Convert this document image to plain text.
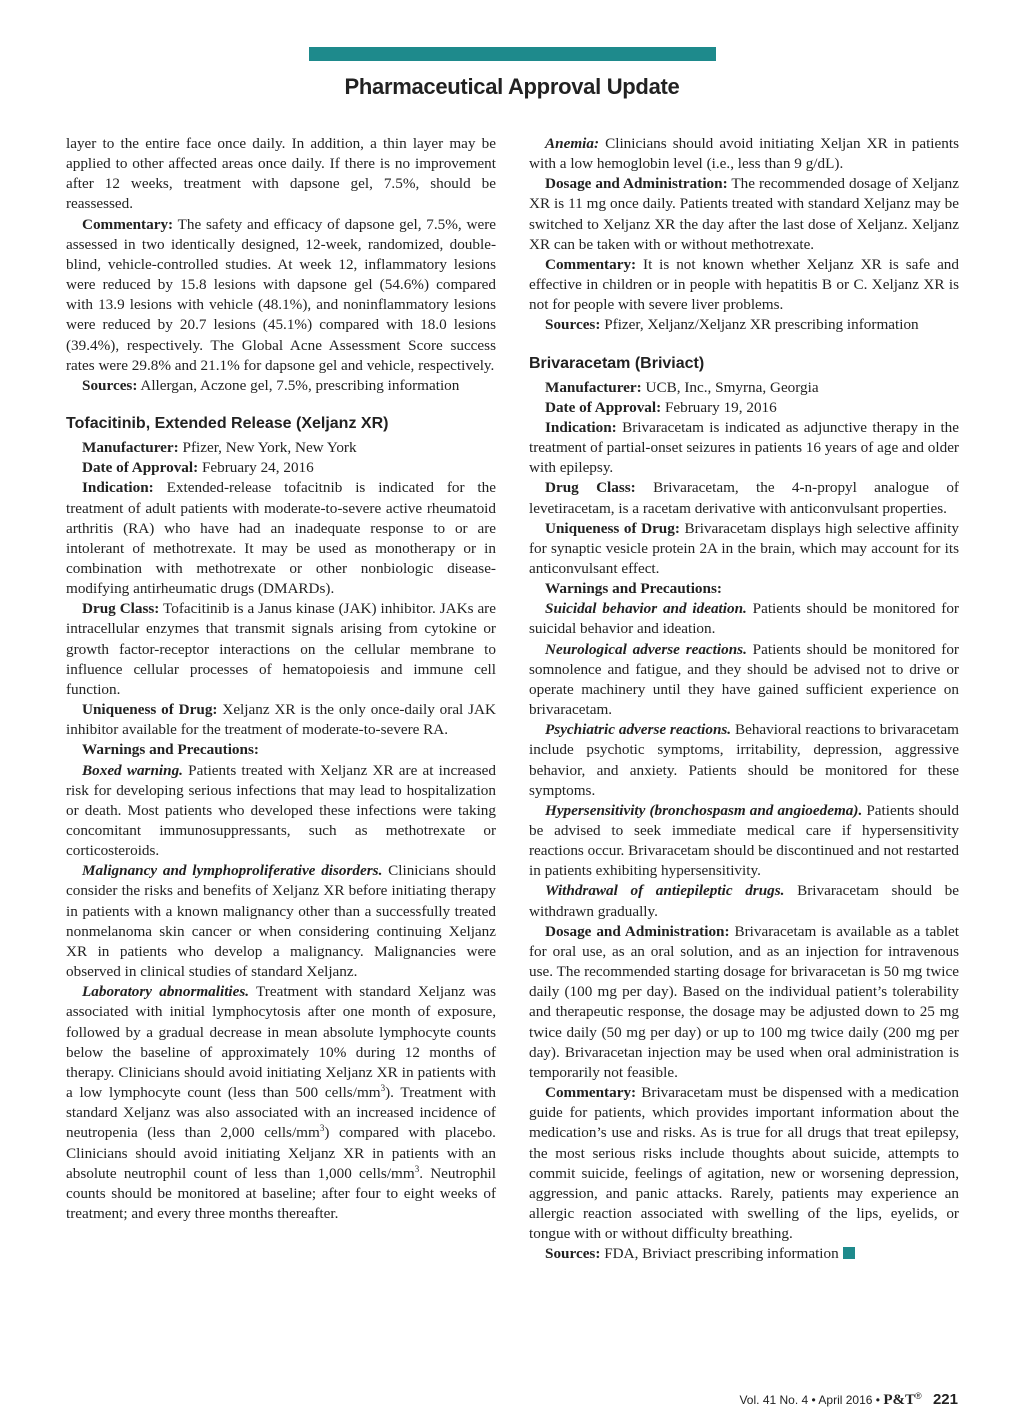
Pharmaceutical Approval Update

layer to the entire face once daily. In addition, a thin layer may be applied to other affected areas once daily. If there is no improvement after 12 weeks, treatment with dapsone gel, 7.5%, should be reassessed.

Commentary: The safety and efficacy of dapsone gel, 7.5%, were assessed in two identically designed, 12-week, randomized, double-blind, vehicle-controlled studies. At week 12, inflammatory lesions were reduced by 15.8 lesions with dapsone gel (54.6%) compared with 13.9 lesions with vehicle (48.1%), and noninflammatory lesions were reduced by 20.7 lesions (45.1%) compared with 18.0 lesions (39.4%), respectively. The Global Acne Assessment Score success rates were 29.8% and 21.1% for dapsone gel and vehicle, respectively.

Sources: Allergan, Aczone gel, 7.5%, prescribing information

Tofacitinib, Extended Release (Xeljanz XR)

Manufacturer: Pfizer, New York, New York

Date of Approval: February 24, 2016

Indication: Extended-release tofacitnib is indicated for the treatment of adult patients with moderate-to-severe active rheumatoid arthritis (RA) who have had an inadequate response to or are intolerant of methotrexate. It may be used as monotherapy or in combination with methotrexate or other nonbiologic disease-modifying antirheumatic drugs (DMARDs).

Drug Class: Tofacitinib is a Janus kinase (JAK) inhibitor. JAKs are intracellular enzymes that transmit signals arising from cytokine or growth factor-receptor interactions on the cellular membrane to influence cellular processes of hematopoiesis and immune cell function.

Uniqueness of Drug: Xeljanz XR is the only once-daily oral JAK inhibitor available for the treatment of moderate-to-severe RA.

Warnings and Precautions:

Boxed warning. Patients treated with Xeljanz XR are at increased risk for developing serious infections that may lead to hospitalization or death. Most patients who developed these infections were taking concomitant immunosuppressants, such as methotrexate or corticosteroids.

Malignancy and lymphoproliferative disorders. Clinicians should consider the risks and benefits of Xeljanz XR before initiating therapy in patients with a known malignancy other than a successfully treated nonmelanoma skin cancer or when considering continuing Xeljanz XR in patients who develop a malignancy. Malignancies were observed in clinical studies of standard Xeljanz.

Laboratory abnormalities. Treatment with standard Xeljanz was associated with initial lymphocytosis after one month of exposure, followed by a gradual decrease in mean absolute lymphocyte counts below the baseline of approximately 10% during 12 months of therapy. Clinicians should avoid initiating Xeljanz XR in patients with a low lymphocyte count (less than 500 cells/$mm^3$). Treatment with standard Xeljanz was also associated with an increased incidence of neutropenia (less than 2,000 cells/$mm^3$) compared with placebo. Clinicians should avoid initiating Xeljanz XR in patients with an absolute neutrophil count of less than 1,000 cells/$mm^3$. Neutrophil counts should be monitored at baseline; after four to eight weeks of treatment; and every three months thereafter.

Anemia: Clinicians should avoid initiating Xeljan XR in patients with a low hemoglobin level (i.e., less than 9 g/dL).

Dosage and Administration: The recommended dosage of Xeljanz XR is 11 mg once daily. Patients treated with standard Xeljanz may be switched to Xeljanz XR the day after the last dose of Xeljanz. Xeljanz XR can be taken with or without methotrexate.

Commentary: It is not known whether Xeljanz XR is safe and effective in children or in people with hepatitis B or C. Xeljanz XR is not for people with severe liver problems.

Sources: Pfizer, Xeljanz/Xeljanz XR prescribing information

Brivaracetam (Briviact)

Manufacturer: UCB, Inc., Smyrna, Georgia

Date of Approval: February 19, 2016

Indication: Brivaracetam is indicated as adjunctive therapy in the treatment of partial-onset seizures in patients 16 years of age and older with epilepsy.

Drug Class: Brivaracetam, the 4-n-propyl analogue of levetiracetam, is a racetam derivative with anticonvulsant properties.

Uniqueness of Drug: Brivaracetam displays high selective affinity for synaptic vesicle protein 2A in the brain, which may account for its anticonvulsant effect.

Warnings and Precautions:

Suicidal behavior and ideation. Patients should be monitored for suicidal behavior and ideation.

Neurological adverse reactions. Patients should be monitored for somnolence and fatigue, and they should be advised not to drive or operate machinery until they have gained sufficient experience on brivaracetam.

Psychiatric adverse reactions. Behavioral reactions to brivaracetam include psychotic symptoms, irritability, depression, aggressive behavior, and anxiety. Patients should be monitored for these symptoms.

Hypersensitivity (bronchospasm and angioedema). Patients should be advised to seek immediate medical care if hypersensitivity reactions occur. Brivaracetam should be discontinued and not restarted in patients exhibiting hypersensitivity.

Withdrawal of antiepileptic drugs. Brivaracetam should be withdrawn gradually.

Dosage and Administration: Brivaracetam is available as a tablet for oral use, as an oral solution, and as an injection for intravenous use. The recommended starting dosage for brivaracetan is 50 mg twice daily (100 mg per day). Based on the individual patient’s tolerability and therapeutic response, the dosage may be adjusted down to 25 mg twice daily (50 mg per day) or up to 100 mg twice daily (200 mg per day). Brivaracetan injection may be used when oral administration is temporarily not feasible.

Commentary: Brivaracetam must be dispensed with a medication guide for patients, which provides important information about the medication’s use and risks. As is true for all drugs that treat epilepsy, the most serious risks include thoughts about suicide, attempts to commit suicide, feelings of agitation, new or worsening depression, aggression, and panic attacks. Rarely, patients may experience an allergic reaction associated with swelling of the lips, eyelids, or tongue with or without difficulty breathing.

Sources: FDA, Briviact prescribing information

Vol. 41 No. 4 • April 2016 • P&T® 221
